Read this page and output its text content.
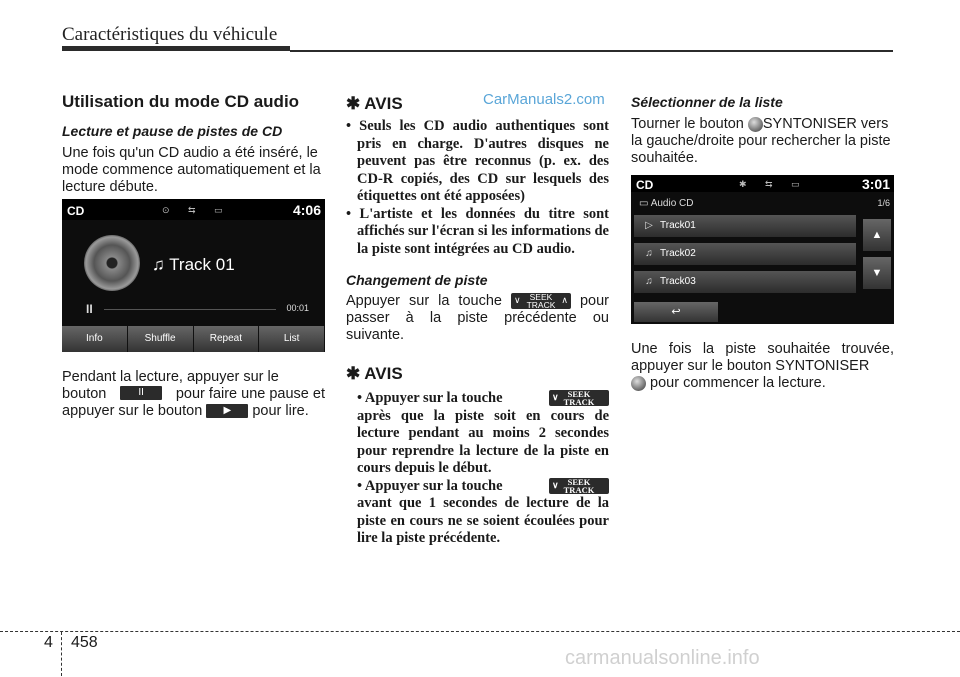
Caractéristiques du véhicule
CarManuals2.com
Utilisation du mode CD audio
Lecture et pause de pistes de CD
Une fois qu'un CD audio a été inséré, le mode commence automatiquement et la lecture débute.
CD	⊙ ⇆ ▭	4:06
♫ Track 01
II	00:01
Info	Shuffle	Repeat	List
Pendant la lecture, appuyer sur le
bouton	II	pour faire une pause et
appuyer sur le bouton ▶ pour lire.
✱ AVIS
• Seuls les CD audio authentiques sont pris en charge. D'autres disques ne peuvent pas être reconnus (p. ex. des CD-R copiés, des CD sur lesquels des étiquettes ont été apposées)
• L'artiste et les données du titre sont affichés sur l'écran si les informations de la piste sont intégrées au CD audio.
Changement de piste
Appuyer sur la touche ∨	SEEK
TRACK ∧ pour passer à la piste précédente ou suivante.
✱ AVIS
• Appuyer sur la touche	∨	SEEK
TRACK
après que la piste soit en cours de lecture pendant au moins 2 secondes pour reprendre la lecture de la piste en cours depuis le début.
• Appuyer sur la touche	∨	SEEK
TRACK
avant que 1 secondes de lecture de la piste en cours ne se soient écoulées pour lire la piste précédente.
Sélectionner de la liste
Tourner le bouton SYNTONISER vers la gauche/droite pour rechercher la piste souhaitée.
CD	✱ ⇆ ▭	3:01
▭ Audio CD	1/6
▷ Track01
♫ Track02
♫ Track03
▲
▼
↩
Une fois la piste souhaitée trouvée, appuyer sur le bouton SYNTONISER
pour commencer la lecture.
4 458
carmanualsonline.info
